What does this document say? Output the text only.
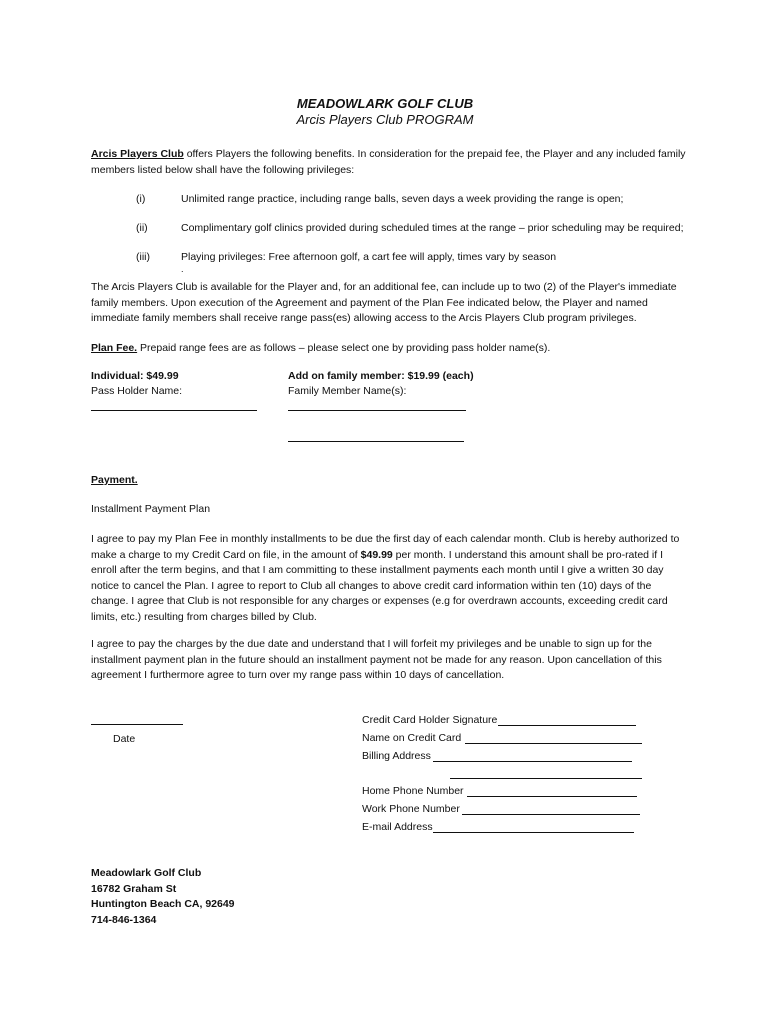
MEADOWLARK GOLF CLUB
Arcis Players Club PROGRAM
Arcis Players Club offers Players the following benefits. In consideration for the prepaid fee, the Player and any included family members listed below shall have the following privileges:
(i)	Unlimited range practice, including range balls, seven days a week providing the range is open;
(ii)	Complimentary golf clinics provided during scheduled times at the range – prior scheduling may be required;
(iii)	Playing privileges: Free afternoon golf, a cart fee will apply, times vary by season
.
The Arcis Players Club is available for the Player and, for an additional fee, can include up to two (2) of the Player's immediate family members. Upon execution of the Agreement and payment of the Plan Fee indicated below, the Player and named immediate family members shall receive range pass(es) allowing access to the Arcis Players Club program privileges.
Plan Fee. Prepaid range fees are as follows – please select one by providing pass holder name(s).
Individual: $49.99
Pass Holder Name:
Add on family member: $19.99 (each)
Family Member Name(s):
Payment.
Installment Payment Plan
I agree to pay my Plan Fee in monthly installments to be due the first day of each calendar month. Club is hereby authorized to make a charge to my Credit Card on file, in the amount of $49.99 per month. I understand this amount shall be pro-rated if I enroll after the term begins, and that I am committing to these installment payments each month until I give a written 30 day notice to cancel the Plan. I agree to report to Club all changes to above credit card information within ten (10) days of the change. I agree that Club is not responsible for any charges or expenses (e.g for overdrawn accounts, exceeding credit card limits, etc.) resulting from charges billed by Club.
I agree to pay the charges by the due date and understand that I will forfeit my privileges and be unable to sign up for the installment payment plan in the future should an installment payment not be made for any reason. Upon cancellation of this agreement I furthermore agree to turn over my range pass within 10 days of cancellation.
Date
Credit Card Holder Signature
Name on Credit Card
Billing Address
Home Phone Number
Work Phone Number
E-mail Address
Meadowlark Golf Club
16782 Graham St
Huntington Beach CA, 92649
714-846-1364
